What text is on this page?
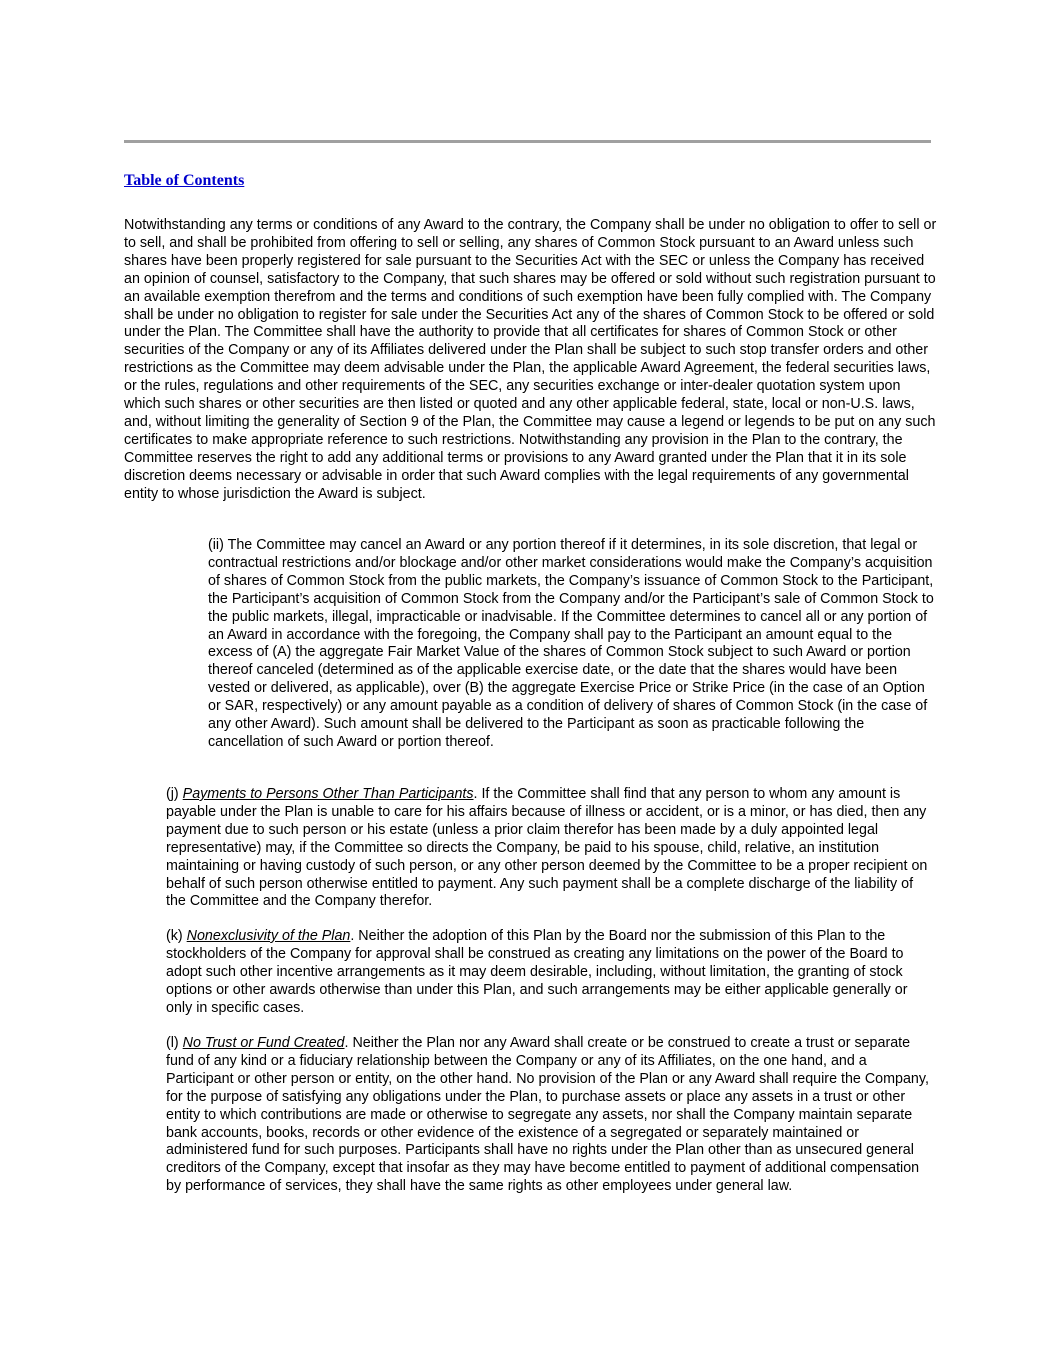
Table of Contents

Notwithstanding any terms or conditions of any Award to the contrary, the Company shall be under no obligation to offer to sell or to sell, and shall be prohibited from offering to sell or selling, any shares of Common Stock pursuant to an Award unless such shares have been properly registered for sale pursuant to the Securities Act with the SEC or unless the Company has received an opinion of counsel, satisfactory to the Company, that such shares may be offered or sold without such registration pursuant to an available exemption therefrom and the terms and conditions of such exemption have been fully complied with. The Company shall be under no obligation to register for sale under the Securities Act any of the shares of Common Stock to be offered or sold under the Plan. The Committee shall have the authority to provide that all certificates for shares of Common Stock or other securities of the Company or any of its Affiliates delivered under the Plan shall be subject to such stop transfer orders and other restrictions as the Committee may deem advisable under the Plan, the applicable Award Agreement, the federal securities laws, or the rules, regulations and other requirements of the SEC, any securities exchange or inter-dealer quotation system upon which such shares or other securities are then listed or quoted and any other applicable federal, state, local or non-U.S. laws, and, without limiting the generality of Section 9 of the Plan, the Committee may cause a legend or legends to be put on any such certificates to make appropriate reference to such restrictions. Notwithstanding any provision in the Plan to the contrary, the Committee reserves the right to add any additional terms or provisions to any Award granted under the Plan that it in its sole discretion deems necessary or advisable in order that such Award complies with the legal requirements of any governmental entity to whose jurisdiction the Award is subject.

(ii) The Committee may cancel an Award or any portion thereof if it determines, in its sole discretion, that legal or contractual restrictions and/or blockage and/or other market considerations would make the Company’s acquisition of shares of Common Stock from the public markets, the Company’s issuance of Common Stock to the Participant, the Participant’s acquisition of Common Stock from the Company and/or the Participant’s sale of Common Stock to the public markets, illegal, impracticable or inadvisable. If the Committee determines to cancel all or any portion of an Award in accordance with the foregoing, the Company shall pay to the Participant an amount equal to the excess of (A) the aggregate Fair Market Value of the shares of Common Stock subject to such Award or portion thereof canceled (determined as of the applicable exercise date, or the date that the shares would have been vested or delivered, as applicable), over (B) the aggregate Exercise Price or Strike Price (in the case of an Option or SAR, respectively) or any amount payable as a condition of delivery of shares of Common Stock (in the case of any other Award). Such amount shall be delivered to the Participant as soon as practicable following the cancellation of such Award or portion thereof.

(j) Payments to Persons Other Than Participants. If the Committee shall find that any person to whom any amount is payable under the Plan is unable to care for his affairs because of illness or accident, or is a minor, or has died, then any payment due to such person or his estate (unless a prior claim therefor has been made by a duly appointed legal representative) may, if the Committee so directs the Company, be paid to his spouse, child, relative, an institution maintaining or having custody of such person, or any other person deemed by the Committee to be a proper recipient on behalf of such person otherwise entitled to payment. Any such payment shall be a complete discharge of the liability of the Committee and the Company therefor.

(k) Nonexclusivity of the Plan. Neither the adoption of this Plan by the Board nor the submission of this Plan to the stockholders of the Company for approval shall be construed as creating any limitations on the power of the Board to adopt such other incentive arrangements as it may deem desirable, including, without limitation, the granting of stock options or other awards otherwise than under this Plan, and such arrangements may be either applicable generally or only in specific cases.

(l) No Trust or Fund Created. Neither the Plan nor any Award shall create or be construed to create a trust or separate fund of any kind or a fiduciary relationship between the Company or any of its Affiliates, on the one hand, and a Participant or other person or entity, on the other hand. No provision of the Plan or any Award shall require the Company, for the purpose of satisfying any obligations under the Plan, to purchase assets or place any assets in a trust or other entity to which contributions are made or otherwise to segregate any assets, nor shall the Company maintain separate bank accounts, books, records or other evidence of the existence of a segregated or separately maintained or administered fund for such purposes. Participants shall have no rights under the Plan other than as unsecured general creditors of the Company, except that insofar as they may have become entitled to payment of additional compensation by performance of services, they shall have the same rights as other employees under general law.
